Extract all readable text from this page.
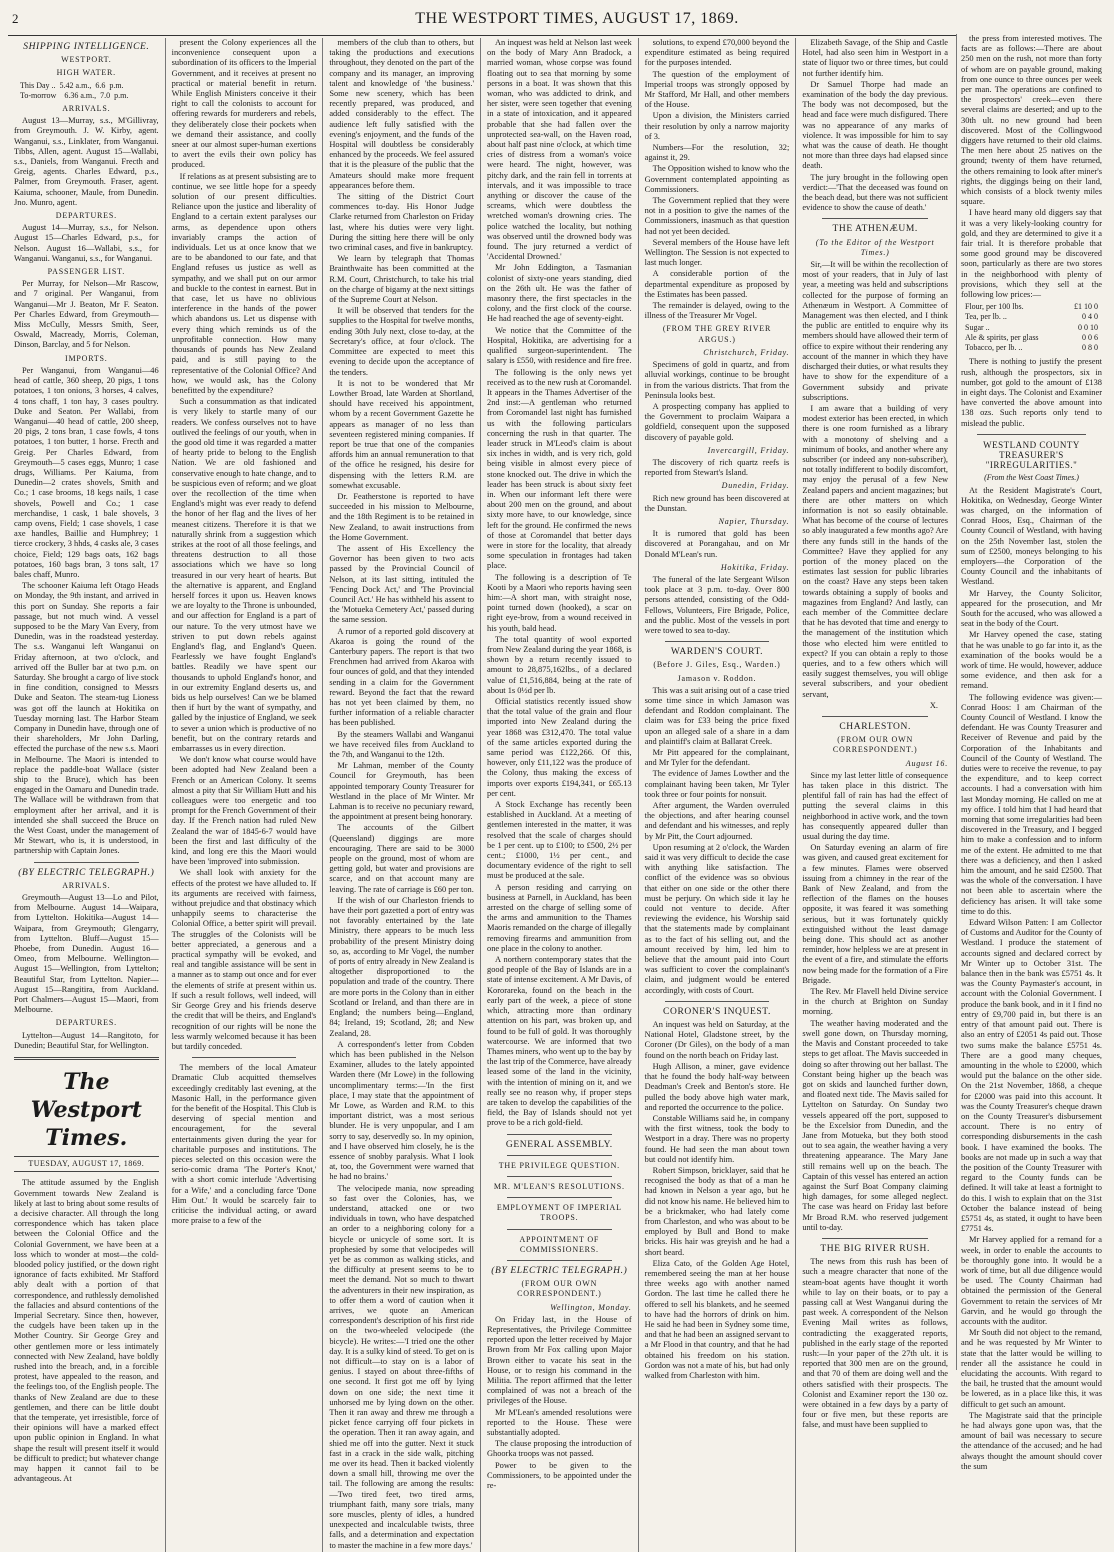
2	THE WESTPORT TIMES, AUGUST 17, 1869.
SHIPPING INTELLIGENCE.
WESTPORT.
HIGH WATER.
This Day ..  5.42 a.m.,  6.6  p.m.
To-morrow    6.36 a.m.,  7.0  p.m.
ARRIVALS.

August 13—Murray, s.s., M'Gillivray, from Greymouth. J. W. Kirby, agent. Wanganui, s.s., Linklater, from Wanganui. Tibbs, Allen, agent. August 15—Wallabi, s.s., Daniels, from Wanganui. Frecth and Greig, agents. Charles Edward, p.s., Palmer, from Greymouth. Fraser, agent. Kaiuma, schooner, Maule, from Dunedin. Jno. Munro, agent.

DEPARTURES.

August 14—Murray, s.s., for Nelson. August 15—Charles Edward, p.s., for Nelson. August 16—Wallabi, s.s., for Wanganui. Wanganui, s.s., for Wanganui.

PASSENGER LIST.

Per Murray, for Nelson—Mr Rascow, and 7 original. Per Wanganui, from Wanganui—Mr J. Beaton, Mr F. Seaton. Per Charles Edward, from Greymouth—Miss McCully, Messrs Smith, Seer, Oswald, Macready, Morris, Coleman, Dinson, Barclay, and 5 for Nelson.

IMPORTS.

Per Wanganui, from Wanganui—46 head of cattle, 360 sheep, 20 pigs, 1 tons potatoes, 1 ton onions, 3 horses, 4 calves, 4 tons chaff, 1 ton hay, 3 cases poultry. Duke and Seaton. Per Wallabi, from Wanganui—40 head of cattle, 200 sheep, 20 pigs, 2 tons bran, 1 case fowls, 4 tons potatoes, 1 ton butter, 1 horse. Frecth and Greig. Per Charles Edward, from Greymouth—5 cases eggs, Munro; 1 case drugs, Williams. Per Kaiuma, from Dunedin—2 crates shovels, Smith and Co.; 1 case brooms, 18 kegs nails, 1 case shovels, Powell and Co.; 1 case merchandise, 1 cask, 1 bale shovels, 3 camp ovens, Field; 1 case shovels, 1 case axe handles, Baillie and Humphrey; 1 tierce crockery, 3 hhds, 4 casks ale, 3 cases choice, Field; 129 bags oats, 162 bags potatoes, 160 bags bran, 3 tons salt, 17 bales chaff, Munro.

The schooner Kaiuma left Otago Heads on Monday, the 9th instant, and arrived in this port on Sunday. She reports a fair passage, but not much wind. A vessel supposed to be the Mary Van Every, from Dunedin, was in the roadstead yesterday. The s.s. Wanganui left Wanganui on Friday afternoon, at two o'clock, and arrived off the Buller bar at two p.m. on Saturday. She brought a cargo of live stock in fine condition, consigned to Messrs Duke and Seaton. The steam-tug Lioness was got off the launch at Hokitika on Tuesday morning last. The Harbor Steam Company in Dunedin have, through one of their shareholders, Mr John Darling, effected the purchase of the new s.s. Maori in Melbourne. The Maori is intended to replace the paddle-boat Wallace (sister ship to the Bruce), which has been engaged in the Oamaru and Dunedin trade. The Wallace will be withdrawn from that employment after her arrival, and it is intended she shall succeed the Bruce on the West Coast, under the management of Mr Stewart, who is, it is understood, in partnership with Captain Jones.

(BY ELECTRIC TELEGRAPH.)
ARRIVALS.

Greymouth—August 13—Lo and Pilot, from Melbourne. August 14—Waipara, from Lyttelton. Hokitika—August 14—Waipara, from Greymouth; Glengarry, from Lyttelton. Bluff—August 15—Phoebe, from Dunedin. August 16—Omeo, from Melbourne. Wellington—August 15—Wellington, from Lyttelton; Beautiful Star, from Lyttelton. Napier—August 15—Rangitira, from Auckland. Port Chalmers—August 15—Maori, from Melbourne.

DEPARTURES.

Lyttelton—August 14—Rangitoto, for Dunedin; Beautiful Star, for Wellington.

The Westport Times.
TUESDAY, AUGUST 17, 1869.

The attitude assumed by the English Government towards New Zealand is likely at last to bring about some results of a decisive character. All through the long correspondence which has taken place between the Colonial Office and the Colonial Government, we have been at a loss which to wonder at most—the cold-blooded policy justified, or the down right ignorance of facts exhibited. Mr Stafford ably dealt with a portion of that correspondence, and ruthlessly demolished the fallacies and absurd contentions of the Imperial Secretary. Since then, however, the cudgels have been taken up in the Mother Country. Sir George Grey and other gentlemen more or less intimately connected with New Zealand, have boldly rushed into the breach, and, in a forcible protest, have appealed to the reason, and the feelings too, of the English people. The thanks of New Zealand are due to these gentlemen, and there can be little doubt that the temperate, yet irresistible, force of their opinions will have a marked effect upon public opinion in England. In what shape the result will present itself it would be difficult to predict; but whatever change may happen it cannot fail to be advantageous. At

present the Colony experiences all the inconvenience consequent upon a subordination of its officers to the Imperial Government, and it receives at present no practical or material benefit in return. While English Ministers conceive it their right to call the colonists to account for offering rewards for murderers and rebels, they deliberately close their pockets when we demand their assistance, and coolly sneer at our almost super-human exertions to avert the evils their own policy has produced.

If relations as at present subsisting are to continue, we see little hope for a speedy solution of our present difficulties. Reliance upon the justice and liberality of England to a certain extent paralyses our arms, as dependence upon others invariably cramps the action of individuals. Let us at once know that we are to be abandoned to our fate, and that England refuses us justice as well as sympathy, and we shall put on our armor and buckle to the contest in earnest. But in that case, let us have no oblivious interference in the hands of the power which abandons us. Let us dispense with every thing which reminds us of the unprofitable connection. How many thousands of pounds has New Zealand paid, and is still paying to the representative of the Colonial Office? And how, we would ask, has the Colony benefitted by the expenditure?

Such a consummation as that indicated is very likely to startle many of our readers. We confess ourselves not to have outlived the feelings of our youth, when in the good old time it was regarded a matter of hearty pride to belong to the English Nation. We are old fashioned and conservative enough to hate change, and to be suspicious even of reform; and we gloat over the recollection of the time when England's might was ever ready to defend the honor of her flag and the lives of her meanest citizens. Therefore it is that we naturally shrink from a suggestion which strikes at the root of all those feelings, and threatens destruction to all those associations which we have so long treasured in our very heart of hearts. But the alternative is apparent, and England herself forces it upon us. Heaven knows we are loyalty to the Throne is unbounded, and our affection for England is a part of our nature. To the very utmost have we striven to put down rebels against England's flag, and England's Queen. Fearlessly we have fought England's battles. Readily we have spent our thousands to uphold England's honor, and in our extremity England deserts us, and bids us help ourselves! Can we be blamed then if hurt by the want of sympathy, and galled by the injustice of England, we seek to sever a union which is productive of no benefit, but on the contrary retards and embarrasses us in every direction.

We don't know what course would have been adopted had New Zealand been a French or an American Colony. It seems almost a pity that Sir William Hutt and his colleagues were too energetic and too prompt for the French Government of their day. If the French nation had ruled New Zealand the war of 1845-6-7 would have been the first and last difficulty of the kind, and long ere this the Maori would have been 'improved' into submission.

We shall look with anxiety for the effects of the protest we have alluded to. If its arguments are received with fairness, without prejudice and that obstinacy which unhappily seems to characterise the Colonial Office, a better spirit will prevail. The struggles of the Colonists will be better appreciated, a generous and a practical sympathy will be evoked, and real and tangible assistance will be sent in a manner as to stamp out once and for ever the elements of strife at present within us. If such a result follows, well indeed, will Sir George Grey and his friends deserve the credit that will be theirs, and England's recognition of our rights will be none the less warmly welcomed because it has been but tardily conceded.

The members of the local Amateur Dramatic Club acquitted themselves exceedingly creditably last evening, at the Masonic Hall, in the performance given for the benefit of the Hospital. This Club is deserving of special mention and encouragement, for the several entertainments given during the year for charitable purposes and institutions. The pieces selected on this occasion were the serio-comic drama 'The Porter's Knot,' with a short comic interlude 'Advertising for a Wife,' and a concluding farce 'Done Him Out.' It would be scarcely fair to criticise the individual acting, or award more praise to a few of the

members of the club than to others, but taking the productions and executions throughout, they denoted on the part of the company and its manager, an improving talent and knowledge of 'the business.' Some new scenery, which has been recently prepared, was produced, and added considerably to the effect. The audience left fully satisfied with the evening's enjoyment, and the funds of the Hospital will doubtless be considerably enhanced by the proceeds. We feel assured that it is the pleasure of the public that the Amateurs should make more frequent appearances before them.

The sitting of the District Court commences to-day. His Honor Judge Clarke returned from Charleston on Friday last, where his duties were very light. During the sitting here there will be only two criminal cases, and five in bankruptcy.

We learn by telegraph that Thomas Brainthwaite has been committed at the R.M. Court, Christchurch, to take his trial on the charge of bigamy at the next sittings of the Supreme Court at Nelson.

It will be observed that tenders for the supplies to the Hospital for twelve months, ending 30th July next, close to-day, at the Secretary's office, at four o'clock. The Committee are expected to meet this evening to decide upon the acceptance of the tenders.

It is not to be wondered that Mr Lowther Broad, late Warden at Shortland, should have received his appointment, whom by a recent Government Gazette he appears as manager of no less than seventeen registered mining companies. If report be true that one of the companies affords him an annual remuneration to that of the office he resigned, his desire for dispensing with the letters R.M. are somewhat excusable.

Dr. Featherstone is reported to have succeeded in his mission to Melbourne, and the 18th Regiment is to be retained in New Zealand, to await instructions from the Home Government.

The assent of His Excellency the Governor has been given to two acts passed by the Provincial Council of Nelson, at its last sitting, intituled the 'Fencing Dock Act,' and 'The Provincial Council Act.' He has withheld his assent to the 'Motueka Cemetery Act,' passed during the same session.

A rumor of a reported gold discovery at Akaroa is going the round of the Canterbury papers. The report is that two Frenchmen had arrived from Akaroa with four ounces of gold, and that they intended sending in a claim for the Government reward. Beyond the fact that the reward has not yet been claimed by them, no further information of a reliable character has been published.

By the steamers Wallabi and Wanganui we have received files from Auckland to the 7th, and Wanganui to the 12th.

Mr Lahman, member of the County Council for Greymouth, has been appointed temporary County Treasurer for Westland in the place of Mr Winter. Mr Lahman is to receive no pecuniary reward, the appointment at present being honorary.

The accounts of the Gilbert (Queensland) diggings are more encouraging. There are said to be 3000 people on the ground, most of whom are getting gold, but water and provisions are scarce, and on that account many are leaving. The rate of carriage is £60 per ton.

If the wish of our Charleston friends to have their port gazetted a port of entry was not favorably entertained by the late Ministry, there appears to be much less probability of the present Ministry doing so, as, according to Mr Vogel, the number of ports of entry already in New Zealand is altogether disproportioned to the population and trade of the country. There are more ports in the Colony than in either Scotland or Ireland, and than there are in England; the numbers being—England, 84; Ireland, 19; Scotland, 28; and New Zealand, 28.

A correspondent's letter from Cobden which has been published in the Nelson Examiner, alludes to the lately appointed Warden there (Mr Lowe) in the following uncomplimentary terms:—'In the first place, I may state that the appointment of Mr Lowe, as Warden and R.M. to this important district, was a most serious blunder. He is very unpopular, and I am sorry to say, deservedly so. In my opinion, and I have observed him closely, he is the essence of snobby paralysis. What I look at, too, the Government were warned that he had no brains.'

The velocipede mania, now spreading so fast over the Colonies, has, we understand, attacked one or two individuals in town, who have despatched an order to a neighboring colony for a bicycle or unicycle of some sort. It is prophesied by some that velocipedes will yet be as common as walking sticks, and the difficulty at present seems to be to meet the demand. Not so much to thwart the adventurers in their new inspiration, as to offer them a word of caution when it arrives, we quote an American correspondent's description of his first ride on the two-wheeled velocipede (the bicycle). He writes:—'I tried one the other day. It is a sulky kind of steed. To get on is not difficult—to stay on is a labor of genius. I stayed on about three-fifths of one second. It first got me off by lying down on one side; the next time it unhorsed me by lying down on the other. Then it ran away and threw me through a picket fence carrying off four pickets in the operation. Then it ran away again, and shied me off into the gutter. Next it stuck fast in a crack in the side walk, pitching me over its head. Then it backed violently down a small hill, throwing me over the tail. The following are among the results:—Two tired feet, two tired arms, triumphant faith, many sore trials, many sore muscles, plenty of idles, a hundred unexpected and incalculable twists, three falls, and a determination and expectation to master the machine in a few more days.'

An inquest was held at Nelson last week on the body of Mary Ann Bradock, a married woman, whose corpse was found floating out to sea that morning by some persons in a boat. It was shown that this woman, who was addicted to drink, and her sister, were seen together that evening in a state of intoxication, and it appeared probable that she had fallen over the unprotected sea-wall, on the Haven road, about half past nine o'clock, at which time cries of distress from a woman's voice were heard. The night, however, was pitchy dark, and the rain fell in torrents at intervals, and it was impossible to trace anything or discover the cause of the screams, which were doubtless the wretched woman's drowning cries. The police watched the locality, but nothing was observed until the drowned body was found. The jury returned a verdict of 'Accidental Drowned.'

Mr John Eddington, a Tasmanian colonist of sixty-one years standing, died on the 26th ult. He was the father of masonry there, the first spectacles in the colony, and the first clock of the course. He had reached the age of seventy-eight.

We notice that the Committee of the Hospital, Hokitika, are advertising for a qualified surgeon-superintendent. The salary is £550, with residence and fire free.

The following is the only news yet received as to the new rush at Coromandel. It appears in the Thames Advertiser of the 2nd inst:—A gentleman who returned from Coromandel last night has furnished us with the following particulars concerning the rush in that quarter. The leader struck in M'Leod's claim is about six inches in width, and is very rich, gold being visible in almost every piece of stone knocked out. The drive in which the leader has been struck is about sixty feet in. When our informant left there were about 200 men on the ground, and about sixty more have, to our knowledge, since left for the ground. He confirmed the news of those at Coromandel that better days were in store for the locality, that already some speculation in frontages had taken place.

The following is a description of Te Kooti by a Maori who reports having seen him:—A short man, with straight nose, point turned down (hooked), a scar on right eye-brow, from a wound received in his youth, bald head.

The total quantity of wool exported from New Zealand during the year 1868, is shown by a return recently issued to amount to 28,875,162lbs., of a declared value of £1,516,884, being at the rate of about 1s 0½d per lb.

Official statistics recently issued show that the total value of the grain and flour imported into New Zealand during the year 1868 was £312,470. The total value of the same articles exported during the same period was £122,266. Of this, however, only £11,122 was the produce of the Colony, thus making the excess of imports over exports £194,341, or £65.13 per cent.

A Stock Exchange has recently been established in Auckland. At a meeting of gentlemen interested in the matter, it was resolved that the scale of charges should be 1 per cent. up to £100; to £500, 2½ per cent.; £1000, 1½ per cent., and documentary evidence of the right to sell must be produced at the sale.

A person residing and carrying on business at Parnell, in Auckland, has been arrested on the charge of selling some of the arms and ammunition to the Thames Maoris remanded on the charge of illegally removing firearms and ammunition from one place in the colony to another.

A northern contemporary states that the good people of the Bay of Islands are in a state of intense excitement. A Mr Davis, of Kororareka, found on the beach in the early part of the week, a piece of stone which, attracting more than ordinary attention on his part, was broken up, and found to be full of gold. It was thoroughly watercourse. We are informed that two Thames miners, who went up to the bay by the last trip of the Commerce, have already leased some of the land in the vicinity, with the intention of mining on it, and we really see no reason why, if proper steps are taken to develop the capabilities of the field, the Bay of Islands should not yet prove to be a rich gold-field.

GENERAL ASSEMBLY.
THE PRIVILEGE QUESTION.
MR. M'LEAN'S RESOLUTIONS.
EMPLOYMENT OF IMPERIAL TROOPS.
APPOINTMENT OF COMMISSIONERS.
(BY ELECTRIC TELEGRAPH.)
(FROM OUR OWN CORRESPONDENT.)
Wellington, Monday.

On Friday last, in the House of Representatives, the Privilege Committee reported upon the letter received by Major Brown from Mr Fox calling upon Major Brown either to vacate his seat in the House, or to resign his command in the Militia. The report affirmed that the letter complained of was not a breach of the privileges of the House.

Mr M'Lean's amended resolutions were reported to the House. These were substantially adopted.

The clause proposing the introduction of Ghoorka troops was not passed.

Power to be given to the Commissioners, to be appointed under the re-

solutions, to expend £70,000 beyond the expenditure estimated as being required for the purposes intended.

The question of the employment of Imperial troops was strongly opposed by Mr Stafford, Mr Hall, and other members of the House.

Upon a division, the Ministers carried their resolution by only a narrow majority of 3.

Numbers—For the resolution, 32; against it, 29.

The Opposition wished to know who the Government contemplated appointing as Commissioners.

The Government replied that they were not in a position to give the names of the Commissioners, inasmuch as that question had not yet been decided.

Several members of the House have left Wellington. The Session is not expected to last much longer.

A considerable portion of the departmental expenditure as proposed by the Estimates has been passed.

The remainder is delayed, owing to the illness of the Treasurer Mr Vogel.

(FROM THE GREY RIVER ARGUS.)
Christchurch, Friday.

Specimens of gold in quartz, and from alluvial workings, continue to be brought in from the various districts. That from the Peninsula looks best.

A prospecting company has applied to the Government to proclaim Waipara a goldfield, consequent upon the supposed discovery of payable gold.

Invercargill, Friday.

The discovery of rich quartz reefs is reported from Stewart's Island.

Dunedin, Friday.

Rich new ground has been discovered at the Dunstan.

Napier, Thursday.

It is rumored that gold has been discovered at Porangahau, and on Mr Donald M'Lean's run.

Hokitika, Friday.

The funeral of the late Sergeant Wilson took place at 3 p.m. to-day. Over 800 persons attended, consisting of the Odd-Fellows, Volunteers, Fire Brigade, Police, and the public. Most of the vessels in port were towed to sea to-day.

WARDEN'S COURT.
(Before J. Giles, Esq., Warden.)
Jamason v. Roddon.

This was a suit arising out of a case tried some time since in which Jamason was defendant and Roddon complainant. The claim was for £33 being the price fixed upon an alleged sale of a share in a dam and plaintiff's claim at Ballarat Creek.

Mr Pitt appeared for the complainant, and Mr Tyler for the defendant.

The evidence of James Lowther and the complainant having been taken, Mr Tyler took three or four points for nonsuit.

After argument, the Warden overruled the objections, and after hearing counsel and defendant and his witnesses, and reply by Mr Pitt, the Court adjourned.

Upon resuming at 2 o'clock, the Warden said it was very difficult to decide the case with anything like satisfaction. The conflict of the evidence was so obvious that either on one side or the other there must be perjury. On which side it lay he could not venture to decide. After reviewing the evidence, his Worship said that the statements made by complainant as to the fact of his selling out, and the amount received by him, led him to believe that the amount paid into Court was sufficient to cover the complainant's claim, and judgment would be entered accordingly, with costs of Court.

CORONER'S INQUEST.

An inquest was held on Saturday, at the National Hotel, Gladstone street, by the Coroner (Dr Giles), on the body of a man found on the north beach on Friday last.

Hugh Allison, a miner, gave evidence that he found the body half-way between Deadman's Creek and Benton's store. He pulled the body above high water mark, and reported the occurrence to the police.

Constable Williams said he, in company with the first witness, took the body to Westport in a dray. There was no property found. He had seen the man about town but could not identify him.

Robert Simpson, bricklayer, said that he recognised the body as that of a man he had known in Nelson a year ago, but he did not know his name. He believed him to be a brickmaker, who had lately come from Charleston, and who was about to be employed by Bull and Bond to make bricks. His hair was greyish and he had a short beard.

Eliza Cato, of the Golden Age Hotel, remembered seeing the man at her house three weeks ago with another named Gordon. The last time he called there he offered to sell his blankets, and he seemed to have had the horrors of drink on him. He said he had been in Sydney some time, and that he had been an assigned servant to a Mr Flood in that country, and that he had obtained his freedom on his station. Gordon was not a mate of his, but had only walked from Charleston with him.

Elizabeth Savage, of the Ship and Castle Hotel, had also seen him in Westport in a state of liquor two or three times, but could not further identify him.

Dr Samuel Thorpe had made an examination of the body the day previous. The body was not decomposed, but the head and face were much disfigured. There was no appearance of any marks of violence. It was impossible for him to say what was the cause of death. He thought not more than three days had elapsed since death.

The jury brought in the following open verdict:—'That the deceased was found on the beach dead, but there was not sufficient evidence to show the cause of death.'

THE ATHENÆUM.
(To the Editor of the Westport Times.)

Sir,—It will be within the recollection of most of your readers, that in July of last year, a meeting was held and subscriptions collected for the purpose of forming an Athenæum in Westport. A Committee of Management was then elected, and I think the public are entitled to enquire why its members should have allowed their term of office to expire without their rendering any account of the manner in which they have discharged their duties, or what results they have to show for the expenditure of a Government subsidy and private subscriptions.

I am aware that a building of very modest exterior has been erected, in which there is one room furnished as a library with a monotony of shelving and a minimum of books, and another where any subscriber (or indeed any non-subscriber), not totally indifferent to bodily discomfort, may enjoy the perusal of a few New Zealand papers and ancient magazines; but there are other matters on which information is not so easily obtainable. What has become of the course of lectures so ably inaugurated a few months ago? Are there any funds still in the hands of the Committee? Have they applied for any portion of the money placed on the estimates last session for public libraries on the coast? Have any steps been taken towards obtaining a supply of books and magazines from England? And lastly, can each member of the Committee declare that he has devoted that time and energy to the management of the institution which those who elected him were entitled to expect? If you can obtain a reply to those queries, and to a few others which will easily suggest themselves, you will oblige several subscribers, and your obedient servant,

X.
CHARLESTON.
(FROM OUR OWN CORRESPONDENT.)
August 16.

Since my last letter little of consequence has taken place in this district. The plentiful fall of rain has had the effect of putting the several claims in this neighborhood in active work, and the town has consequently appeared duller than usual during the day time.

On Saturday evening an alarm of fire was given, and caused great excitement for a few minutes. Flames were observed issuing from a chimney in the rear of the Bank of New Zealand, and from the reflection of the flames on the houses opposite, it was feared it was something serious, but it was fortunately quickly extinguished without the least damage being done. This should act as another reminder, how helpless we are at present in the event of a fire, and stimulate the efforts now being made for the formation of a Fire Brigade.

The Rev. Mr Flavell held Divine service in the church at Brighton on Sunday morning.

The weather having moderated and the swell gone down, on Thursday morning, the Mavis and Constant proceeded to take steps to get afloat. The Mavis succeeded in doing so after throwing out her ballast. The Constant being higher up the beach was got on skids and launched further down, and floated next tide. The Mavis sailed for Lyttelton on Saturday. On Sunday two vessels appeared off the port, supposed to be the Excelsior from Dunedin, and the Jane from Motueka, but they both stood out to sea again, the weather having a very threatening appearance. The Mary Jane still remains well up on the beach. The Captain of this vessel has entered an action against the Surf Boat Company claiming high damages, for some alleged neglect. The case was heard on Friday last before Mr Broad R.M. who reserved judgement until to-day.

THE BIG RIVER RUSH.

The news from this rush has been of such a meagre character that none of the steam-boat agents have thought it worth while to lay on their boats, or to pay a passing call at West Wanganui during the past week. A correspondent of the Nelson Evening Mail writes as follows, contradicting the exaggerated reports, published in the early stage of the reported rush:—In your paper of the 27th ult. it is reported that 300 men are on the ground, and that 70 of them are doing well and the others satisfied with their prospects. The Colonist and Examiner report the 130 oz. were obtained in a few days by a party of four or five men, but these reports are false, and must have been supplied to

the press from interested motives. The facts are as follows:—There are about 250 men on the rush, not more than forty of whom are on payable ground, making from one ounce to three ounces per week per man. The operations are confined to the prospectors' creek—even there several claims are deserted; and up to the 30th ult. no new ground had been discovered. Most of the Collingwood diggers have returned to their old claims. The men here about 25 natives on the ground; twenty of them have returned, the others remaining to look after miner's rights, the diggings being on their land, which consists of a block twenty miles square.

I have heard many old diggers say that it was a very likely-looking country for gold, and they are determined to give it a fair trial. It is therefore probable that some good ground may be discovered soon, particularly as there are two stores in the neighborhood with plenty of provisions, which they sell at the following low prices:—

Flour, per 100 lbs.	£1 10 0
Tea, per lb. ..	0 4 0
Sugar ..	0 0 10
Ale & spirits, per glass	0 0 6
Tobacco, per lb. ..	0 8 0

There is nothing to justify the present rush, although the prospectors, six in number, got gold to the amount of £138 in eight days. The Colonist and Examiner have converted the above amount into 138 ozs. Such reports only tend to mislead the public.

WESTLAND COUNTY TREASURER'S "IRREGULARITIES."
(From the West Coast Times.)

At the Resident Magistrate's Court, Hokitika, on Wednesday, George Winter was charged, on the information of Conrad Hoos, Esq., Chairman of the County Council of Westland, with having on the 25th November last, stolen the sum of £2500, moneys belonging to his employers—the Corporation of the County Council and the inhabitants of Westland.

Mr Harvey, the County Solicitor, appeared for the prosecution, and Mr South for the accused, who was allowed a seat in the body of the Court.

Mr Harvey opened the case, stating that he was unable to go far into it, as the examination of the books would be a work of time. He would, however, adduce some evidence, and then ask for a remand.

The following evidence was given:—Conrad Hoos: I am Chairman of the County Council of Westland. I know the defendant. He was County Treasurer and Receiver of Revenue and paid by the Corporation of the Inhabitants and Council of the County of Westland. The duties were to receive the revenue, to pay the expenditure, and to keep correct accounts. I had a conversation with him last Monday morning. He called on me at my office. I told him that I had heard that morning that some irregularities had been discovered in the Treasury, and I begged him to make a confession and to inform me of the extent. He admitted to me that there was a deficiency, and then I asked him the amount, and he said £2500. That was the whole of the conversation. I have not been able to ascertain where the deficiency has arisen. It will take some time to do this.

Edward Wilson Patten: I am Collector of Customs and Auditor for the County of Westland. I produce the statement of accounts signed and declared correct by Mr Winter up to October 31st. The balance then in the bank was £5751 4s. It was the County Paymaster's account, in account with the Colonial Government. I produce the bank book, and in it I find no entry of £9,700 paid in, but there is an entry of that amount paid out. There is also an entry of £2051 4s paid out. Those two sums make the balance £5751 4s. There are a good many cheques, amounting in the whole to £2000, which would put the balance on the other side. On the 21st November, 1868, a cheque for £2000 was paid into this account. It was the County Treasurer's cheque drawn on the County Treasurer's disbursement account. There is no entry of corresponding disbursements in the cash book. I have examined the books. The books are not made up in such a way that the position of the County Treasurer with regard to the County funds can be defined. It will take at least a fortnight to do this. I wish to explain that on the 31st October the balance instead of being £5751 4s, as stated, it ought to have been £7751 4s.

Mr Harvey applied for a remand for a week, in order to enable the accounts to be thoroughly gone into. It would be a work of time, but all due diligence would be used. The County Chairman had obtained the permission of the General Government to retain the services of Mr Garvin, and he would go through the accounts with the auditor.

Mr South did not object to the remand, and he was requested by Mr Winter to state that the latter would be willing to render all the assistance he could in elucidating the accounts. With regard to the bail, he trusted that the amount would be lowered, as in a place like this, it was difficult to get such an amount.

The Magistrate said that the principle he had always gone upon was, that the amount of bail was necessary to secure the attendance of the accused; and he had always thought the amount should cover the sum
